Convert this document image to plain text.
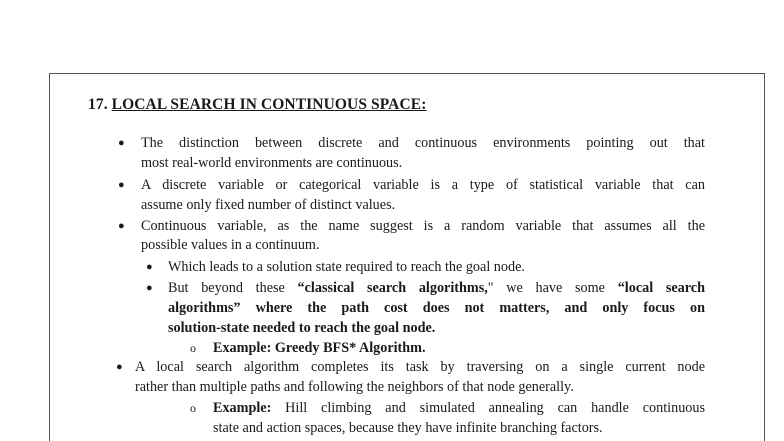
17. LOCAL SEARCH IN CONTINUOUS SPACE:
● The distinction between discrete and continuous environments pointing out that
most real-world environments are continuous.
● A discrete variable or categorical variable is a type of statistical variable that can
assume only fixed number of distinct values.
● Continuous variable, as the name suggest is a random variable that assumes all the
possible values in a continuum.
● Which leads to a solution state required to reach the goal node.
● But beyond these “classical search algorithms," we have some “local search
algorithms” where the path cost does not matters, and only focus on
solution-state needed to reach the goal node.
o Example: Greedy BFS* Algorithm.
● A local search algorithm completes its task by traversing on a single current node
rather than multiple paths and following the neighbors of that node generally.
o Example: Hill climbing and simulated annealing can handle continuous
state and action spaces, because they have infinite branching factors.
